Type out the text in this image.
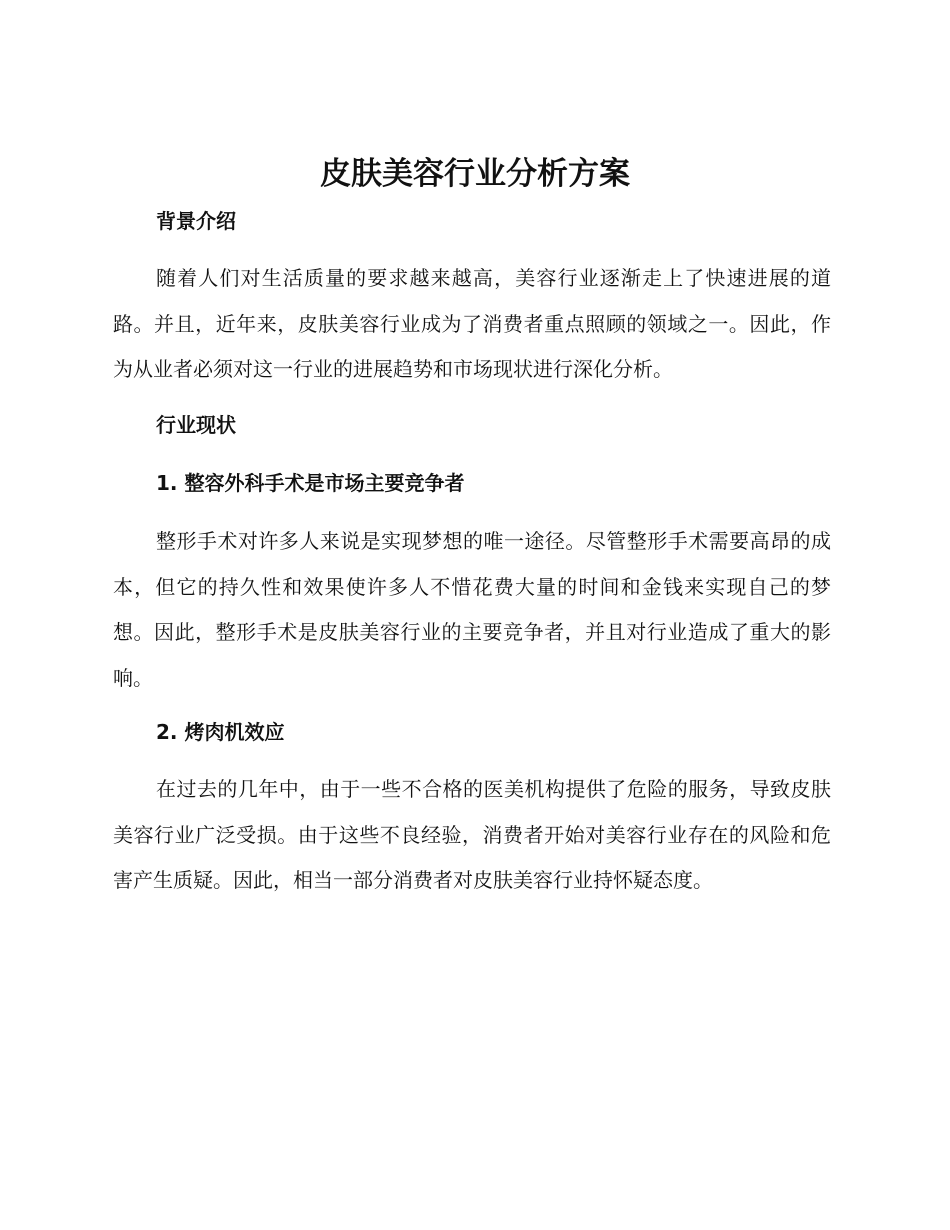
皮肤美容行业分析方案
背景介绍

随着人们对生活质量的要求越来越高，美容行业逐渐走上了快速进展的道路。并且，近年来，皮肤美容行业成为了消费者重点照顾的领域之一。因此，作为从业者必须对这一行业的进展趋势和市场现状进行深化分析。

行业现状
1. 整容外科手术是市场主要竞争者

整形手术对许多人来说是实现梦想的唯一途径。尽管整形手术需要高昂的成本，但它的持久性和效果使许多人不惜花费大量的时间和金钱来实现自己的梦想。因此，整形手术是皮肤美容行业的主要竞争者，并且对行业造成了重大的影响。

2. 烤肉机效应

在过去的几年中，由于一些不合格的医美机构提供了危险的服务，导致皮肤美容行业广泛受损。由于这些不良经验，消费者开始对美容行业存在的风险和危害产生质疑。因此，相当一部分消费者对皮肤美容行业持怀疑态度。
